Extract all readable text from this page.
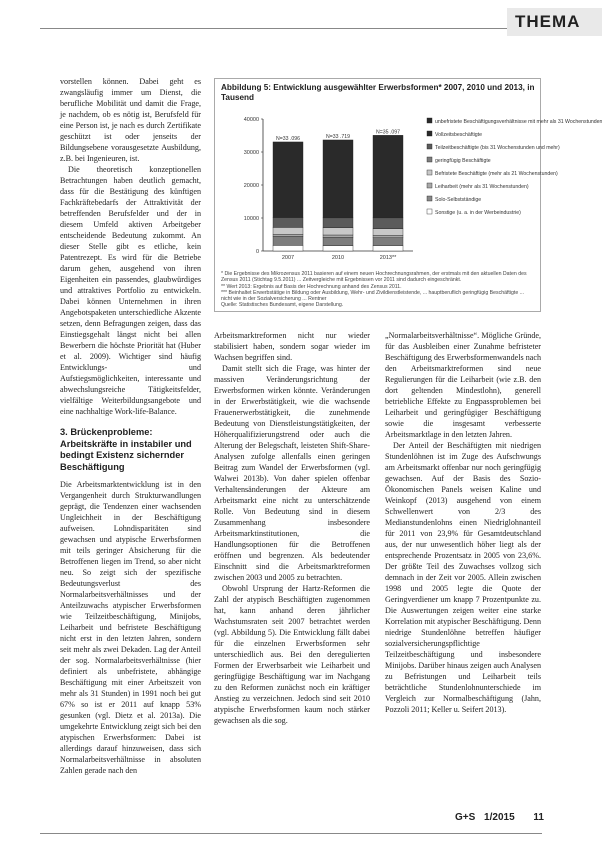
THEMA

vorstellen können. Dabei geht es zwangsläufig immer um Dienst, die berufliche Mobilität und damit die Frage, je nachdem, ob es nötig ist, Berufsfeld für eine Person ist, je nach es durch Zertifikate geschützt ist oder jenseits der Bildungsebene vorausgesetzte Ausbildung, z.B. bei Ingenieuren, ist.

Die theoretisch konzeptionellen Betrachtungen haben deutlich gemacht, dass für die Bestätigung des künftigen Fachkräftebedarfs der Attraktivität der betreffenden Berufsfelder und der in diesem Umfeld aktiven Arbeitgeber entscheidende Bedeutung zukommt. An dieser Stelle gibt es etliche, kein Patentrezept. Es wird für die Betriebe darum gehen, ausgehend von ihren Eigenheiten ein passendes, glaubwürdiges und attraktives Portfolio zu entwickeln. Dabei können Unternehmen in ihren Angebotspaketen unterschiedliche Akzente setzen, denn Befragungen zeigen, dass das Einstiegsgehalt längst nicht bei allen Bewerbern die höchste Priorität hat (Huber et al. 2009). Wichtiger sind häufig Entwicklungs- und Aufstiegsmöglichkeiten, interessante und abwechslungsreiche Tätigkeitsfelder, vielfältige Weiterbildungsangebote und eine nachhaltige Work-life-Balance.

3. Brückenprobleme: Arbeitskräfte in instabiler und bedingt Existenz sichernder Beschäftigung

Die Arbeitsmarktentwicklung ist in den Vergangenheit durch Strukturwandlungen geprägt, die Tendenzen einer wachsenden Ungleichheit in der Beschäftigung aufweisen. Lohndisparitäten sind gewachsen und atypische Erwerbsformen mit teils geringer Absicherung für die Betroffenen liegen im Trend, so aber nicht neu. So zeigt sich der spezifische Bedeutungsverlust des Normalarbeitsverhältnisses und der Anteilzuwachs atypischer Erwerbsformen wie Teilzeitbeschäftigung, Minijobs, Leiharbeit und befristete Beschäftigung nicht erst in den letzten Jahren, sondern seit mehr als zwei Dekaden. Lag der Anteil der sog. Normalarbeitsverhältnisse (hier definiert als unbefristete, abhängige Beschäftigung mit einer Arbeitszeit von mehr als 31 Stunden) in 1991 noch bei gut 67% so ist er 2011 auf knapp 53% gesunken (vgl. Dietz et al. 2013a). Die umgekehrte Entwicklung zeigt sich bei den atypischen Erwerbsformen: Dabei ist allerdings darauf hinzuweisen, dass sich Normalarbeitsverhältnisse in absoluten Zahlen gerade nach den

Abbildung 5: Entwicklung ausgewählter Erwerbsformen* 2007, 2010 und 2013, in Tausend
0
10000
20000
30000
40000
2007
N=33 .096
2010
N=33 .719
2013**
N=35 .097
unbefristete Beschäftigungsverhältnisse mit mehr als 31 Wochenstunden
Vollzeitsbeschäftigte
Teilzeitbeschäftigte (bis 31 Wochenstunden und mehr)
geringfügig Beschäftigte
Befristete Beschäftigte (mehr als 21 Wochenstunden)
Leiharbeit (mehr als 31 Wochenstunden)
Solo-Selbstständige
Sonstige (u. a. in der Werbeindustrie)
* Die Ergebnisse des Mikrozensus 2011 basieren auf einem neuen Hochrechnungsrahmen, der erstmals mit den aktuellen Daten des Zensus 2011 (Stichtag 9.5.2011) ... Zeitvergleiche mit Ergebnissen vor 2011 sind dadurch eingeschränkt.
** Wert 2013: Ergebnis auf Basis der Hochrechnung anhand des Zensus 2011.
*** Beinhaltet Erwerbstätige in Bildung oder Ausbildung, Wehr- und Zivildienstleistende, ... hauptberuflich geringfügig Beschäftigte ... nicht wie in der Sozialversicherung ... Rentner
Quelle: Statistisches Bundesamt, eigene Darstellung.

Arbeitsmarktreformen nicht nur wieder stabilisiert haben, sondern sogar wieder im Wachsen begriffen sind.

Damit stellt sich die Frage, was hinter der massiven Veränderungsrichtung der Erwerbsformen wirken könnte. Veränderungen in der Erwerbstätigkeit, wie die wachsende Frauenerwerbstätigkeit, die zunehmende Bedeutung von Dienstleistungstätigkeiten, der Höherqualifizierungstrend oder auch die Alterung der Belegschaft, leisteten Shift-Share-Analysen zufolge allenfalls einen geringen Beitrag zum Wandel der Erwerbsformen (vgl. Walwei 2013b). Von daher spielen offenbar Verhaltensänderungen der Akteure am Arbeitsmarkt eine nicht zu unterschätzende Rolle. Von Bedeutung sind in diesem Zusammenhang insbesondere Arbeitsmarktinstitutionen, die Handlungsoptionen für die Betroffenen eröffnen und begrenzen. Als bedeutender Einschnitt sind die Arbeitsmarktreformen zwischen 2003 und 2005 zu betrachten.

Obwohl Ursprung der Hartz-Reformen die Zahl der atypisch Beschäftigten zugenommen hat, kann anhand deren jährlicher Wachstumsraten seit 2007 betrachtet werden (vgl. Abbildung 5). Die Entwicklung fällt dabei für die einzelnen Erwerbsformen sehr unterschiedlich aus. Bei den deregulierten Formen der Erwerbsarbeit wie Leiharbeit und geringfügige Beschäftigung war im Nachgang zu den Reformen zunächst noch ein kräftiger Anstieg zu verzeichnen. Jedoch sind seit 2010 atypische Erwerbsformen kaum noch stärker gewachsen als die sog.

„Normalarbeitsverhältnisse“. Mögliche Gründe, für das Ausbleiben einer Zunahme befristeter Beschäftigung des Erwerbsformenwandels nach den Arbeitsmarktreformen sind neue Regulierungen für die Leiharbeit (wie z.B. den dort geltenden Mindestlohn), generell betriebliche Effekte zu Engpassproblemen bei Leiharbeit und geringfügiger Beschäftigung sowie die insgesamt verbesserte Arbeitsmarktlage in den letzten Jahren.

Der Anteil der Beschäftigten mit niedrigen Stundenlöhnen ist im Zuge des Aufschwungs am Arbeitsmarkt offenbar nur noch geringfügig gewachsen. Auf der Basis des Sozio-Ökonomischen Panels weisen Kaline und Weinkopf (2013) ausgehend von einem Schwellenwert von 2/3 des Medianstundenlohns einen Niedriglohnanteil für 2011 von 23,9% für Gesamtdeutschland aus, der nur unwesentlich höher liegt als der entsprechende Prozentsatz in 2005 von 23,6%. Der größte Teil des Zuwachses vollzog sich demnach in der Zeit vor 2005. Allein zwischen 1998 und 2005 legte die Quote der Geringverdiener um knapp 7 Prozentpunkte zu. Die Auswertungen zeigen weiter eine starke Korrelation mit atypischer Beschäftigung. Denn niedrige Stundenlöhne betreffen häufiger sozialversicherungspflichtige Teilzeitbeschäftigung und insbesondere Minijobs. Darüber hinaus zeigen auch Analysen zu Befristungen und Leiharbeit teils beträchtliche Stundenlohnunterschiede im Vergleich zur Normalbeschäftigung (Jahn, Pozzoli 2011; Keller u. Seifert 2013).

G+S 1/2015 11
